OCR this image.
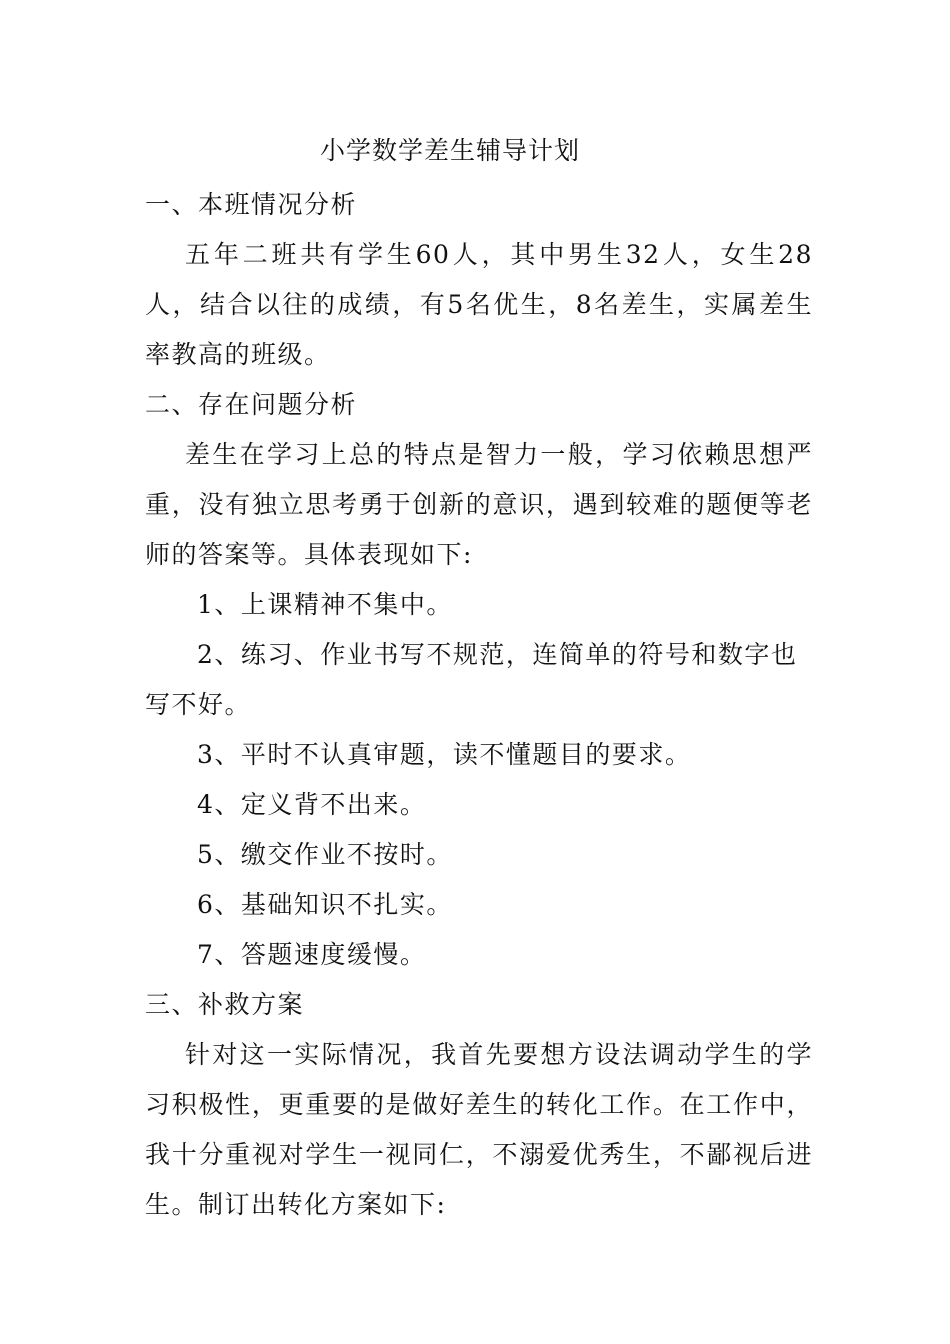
小学数学差生辅导计划

一、本班情况分析

五年二班共有学生60人，其中男生32人，女生28人，结合以往的成绩，有5名优生，8名差生，实属差生率教高的班级。

二、存在问题分析

差生在学习上总的特点是智力一般，学习依赖思想严重，没有独立思考勇于创新的意识，遇到较难的题便等老师的答案等。具体表现如下:

1、上课精神不集中。
2、练习、作业书写不规范，连简单的符号和数字也写不好。
3、平时不认真审题，读不懂题目的要求。
4、定义背不出来。
5、缴交作业不按时。
6、基础知识不扎实。
7、答题速度缓慢。

三、补救方案

针对这一实际情况，我首先要想方设法调动学生的学习积极性，更重要的是做好差生的转化工作。在工作中，我十分重视对学生一视同仁，不溺爱优秀生，不鄙视后进生。制订出转化方案如下:
